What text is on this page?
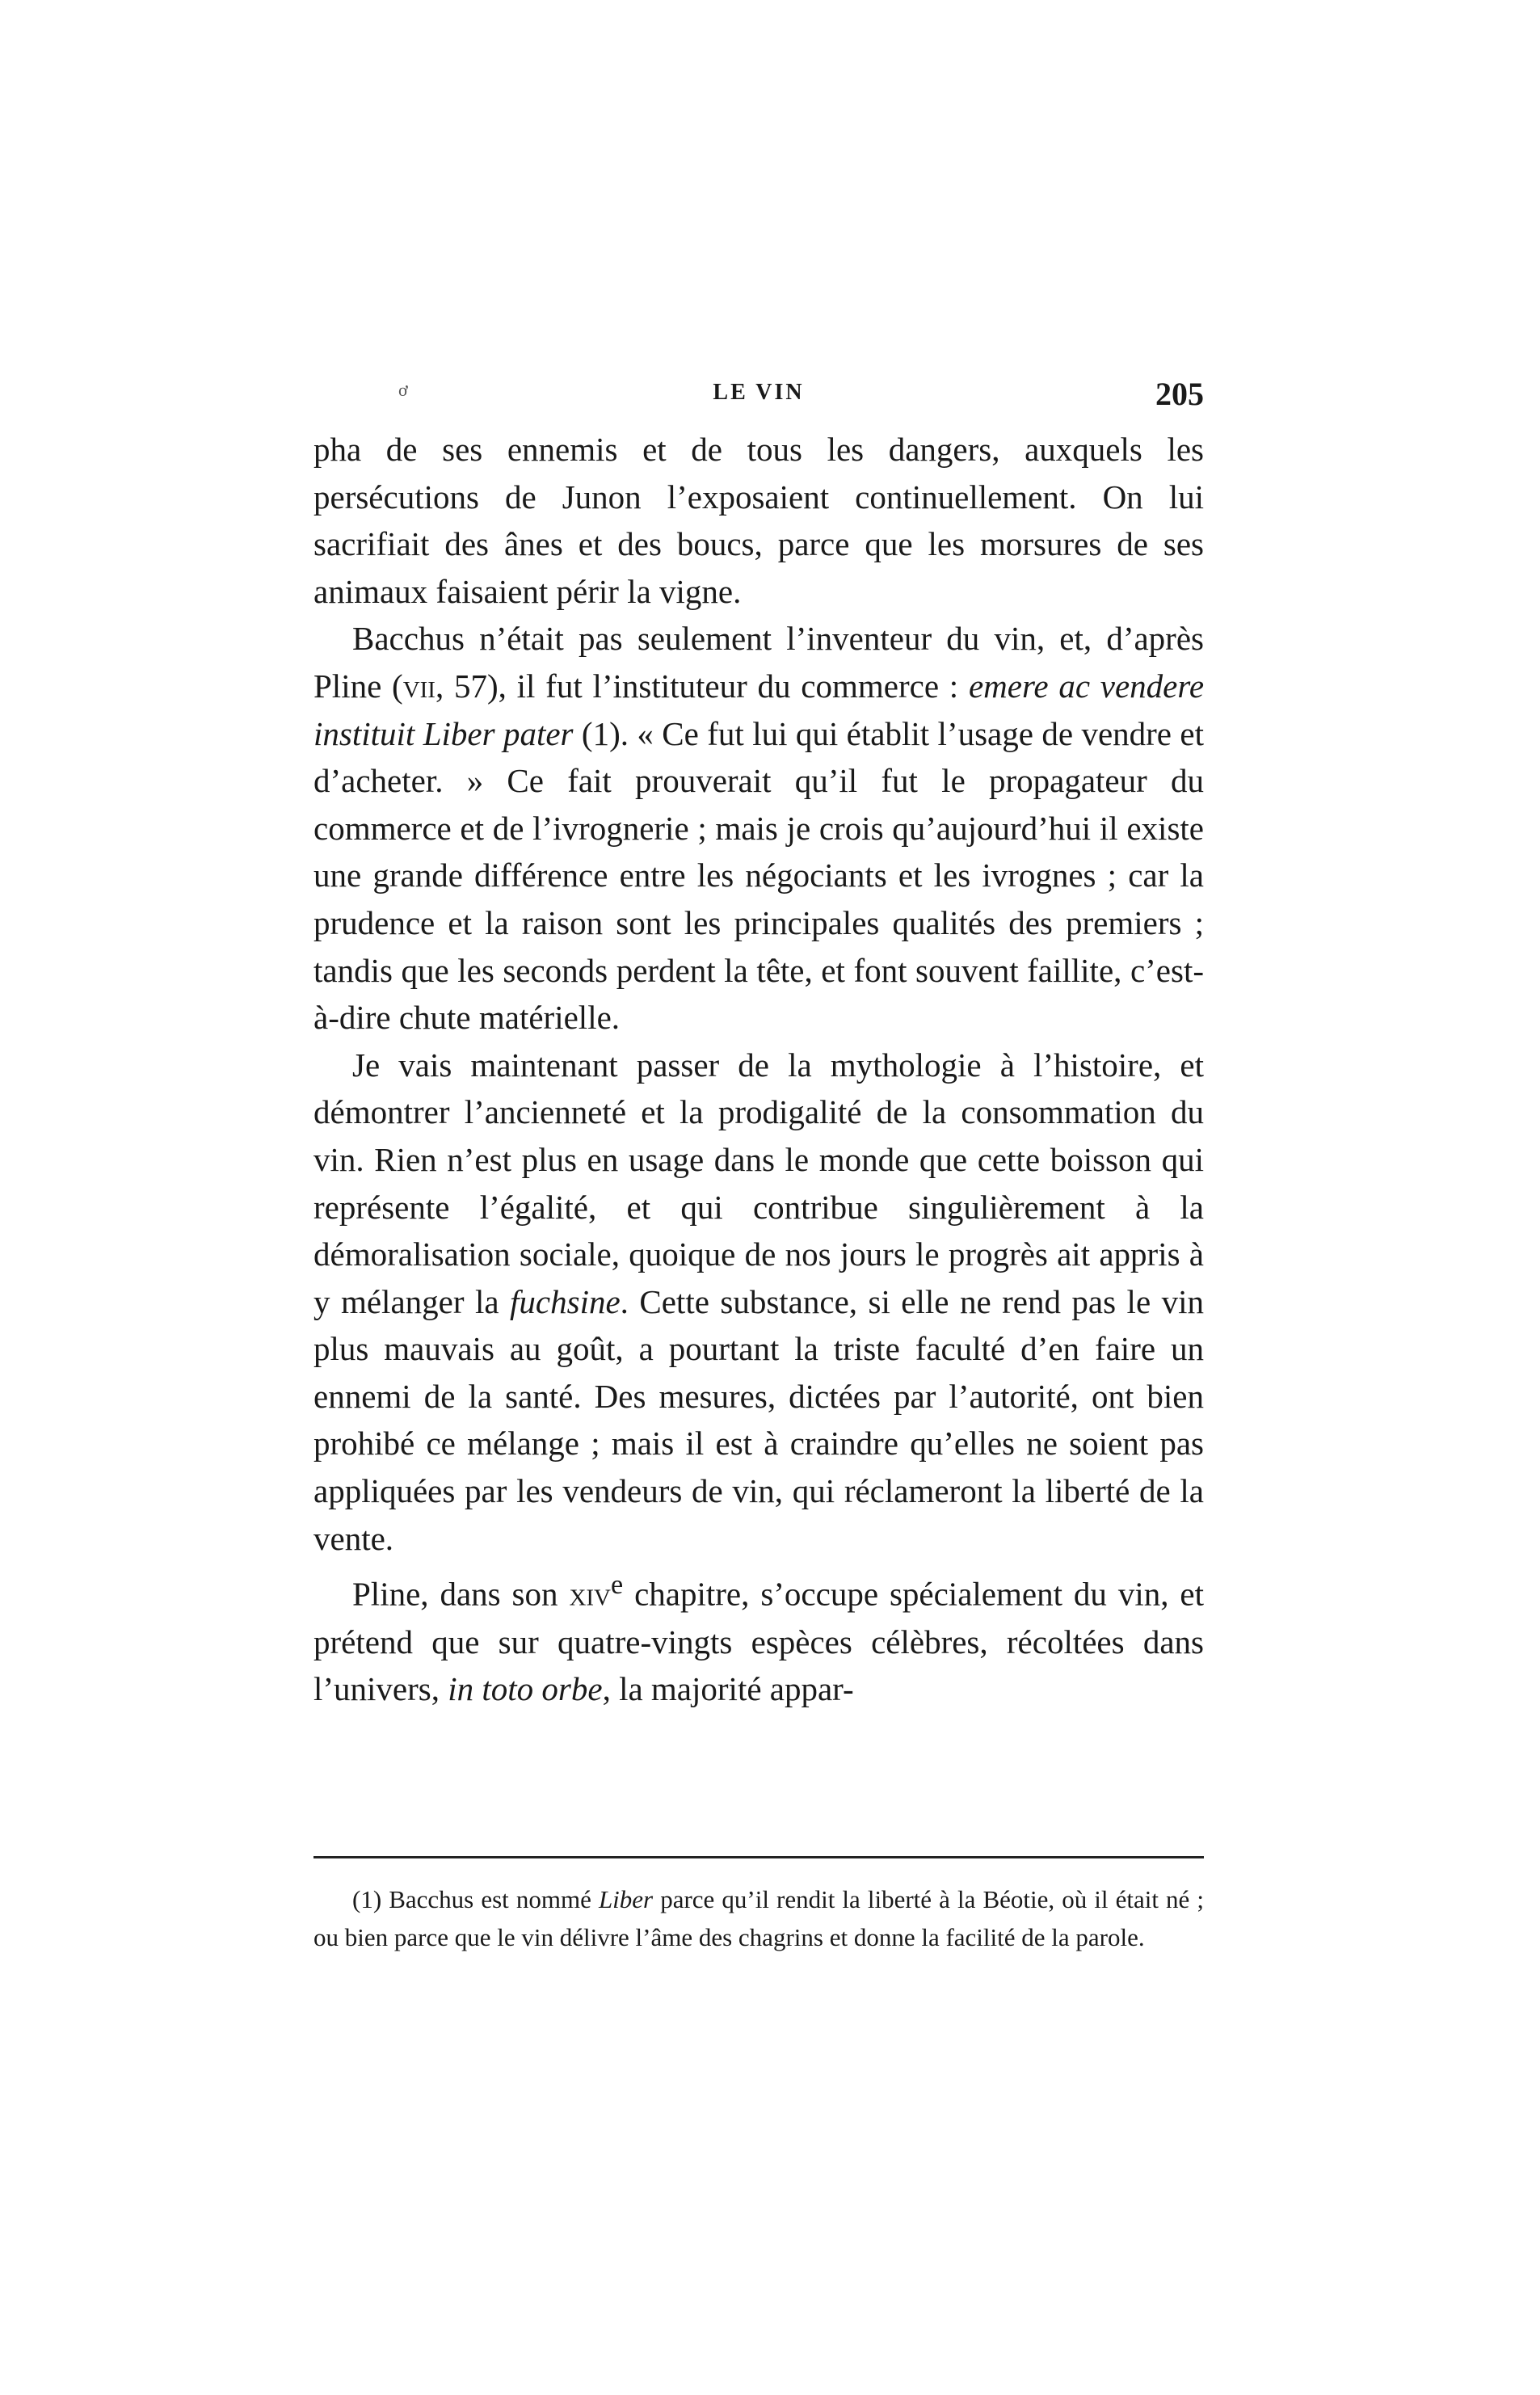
ơ	LE VIN	205

pha de ses ennemis et de tous les dangers, auxquels les persécutions de Junon l’exposaient continuellement. On lui sacrifiait des ânes et des boucs, parce que les morsures de ses animaux faisaient périr la vigne.

Bacchus n’était pas seulement l’inventeur du vin, et, d’après Pline (vii, 57), il fut l’instituteur du commerce : emere ac vendere instituit Liber pater (1). « Ce fut lui qui établit l’usage de vendre et d’acheter. » Ce fait prouverait qu’il fut le propagateur du commerce et de l’ivrognerie ; mais je crois qu’aujourd’hui il existe une grande différence entre les négociants et les ivrognes ; car la prudence et la raison sont les principales qualités des premiers ; tandis que les seconds perdent la tête, et font souvent faillite, c’est-à-dire chute matérielle.

Je vais maintenant passer de la mythologie à l’histoire, et démontrer l’ancienneté et la prodigalité de la consommation du vin. Rien n’est plus en usage dans le monde que cette boisson qui représente l’égalité, et qui contribue singulièrement à la démoralisation sociale, quoique de nos jours le progrès ait appris à y mélanger la fuchsine. Cette substance, si elle ne rend pas le vin plus mauvais au goût, a pourtant la triste faculté d’en faire un ennemi de la santé. Des mesures, dictées par l’autorité, ont bien prohibé ce mélange ; mais il est à craindre qu’elles ne soient pas appliquées par les vendeurs de vin, qui réclameront la liberté de la vente.

Pline, dans son xiv$^e$ chapitre, s’occupe spécialement du vin, et prétend que sur quatre-vingts espèces célèbres, récoltées dans l’univers, in toto orbe, la majorité appar-

(1) Bacchus est nommé Liber parce qu’il rendit la liberté à la Béotie, où il était né ; ou bien parce que le vin délivre l’âme des chagrins et donne la facilité de la parole.
